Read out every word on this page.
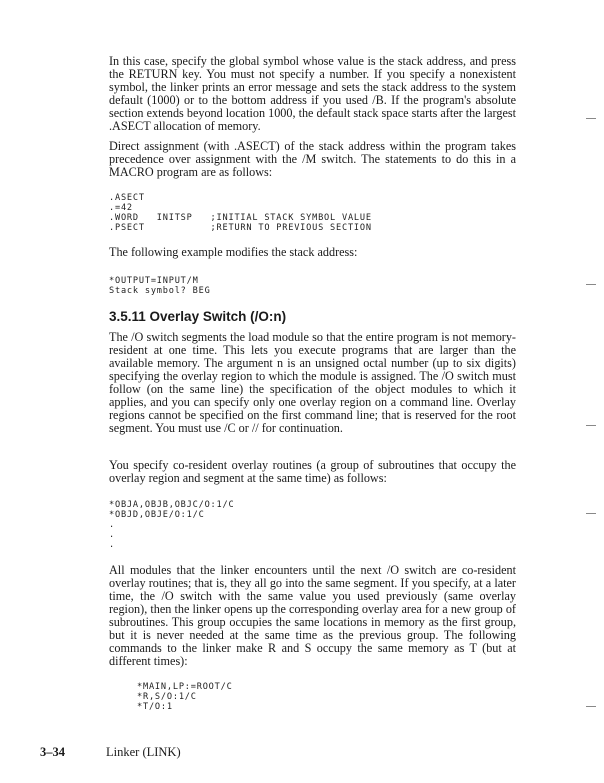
In this case, specify the global symbol whose value is the stack address, and press the RETURN key. You must not specify a number. If you specify a nonexistent symbol, the linker prints an error message and sets the stack address to the system default (1000) or to the bottom address if you used /B. If the program's absolute section extends beyond location 1000, the default stack space starts after the largest .ASECT allocation of memory.

Direct assignment (with .ASECT) of the stack address within the program takes precedence over assignment with the /M switch. The statements to do this in a MACRO program are as follows:

.ASECT
.=42
.WORD   INITSP   ;INITIAL STACK SYMBOL VALUE
.PSECT           ;RETURN TO PREVIOUS SECTION

The following example modifies the stack address:

*OUTPUT=INPUT/M
Stack symbol? BEG
3.5.11 Overlay Switch (/O:n)

The /O switch segments the load module so that the entire program is not memory-resident at one time. This lets you execute programs that are larger than the available memory. The argument n is an unsigned octal number (up to six digits) specifying the overlay region to which the module is assigned. The /O switch must follow (on the same line) the specification of the object modules to which it applies, and you can specify only one overlay region on a command line. Overlay regions cannot be specified on the first command line; that is reserved for the root segment. You must use /C or // for continuation.

You specify co-resident overlay routines (a group of subroutines that occupy the overlay region and segment at the same time) as follows:

*OBJA,OBJB,OBJC/O:1/C
*OBJD,OBJE/O:1/C
.
.
.

All modules that the linker encounters until the next /O switch are co-resident overlay routines; that is, they all go into the same segment. If you specify, at a later time, the /O switch with the same value you used previously (same overlay region), then the linker opens up the corresponding overlay area for a new group of subroutines. This group occupies the same locations in memory as the first group, but it is never needed at the same time as the previous group. The following commands to the linker make R and S occupy the same memory as T (but at different times):

*MAIN,LP:=ROOT/C
*R,S/O:1/C
*T/O:1
3–34	Linker (LINK)
